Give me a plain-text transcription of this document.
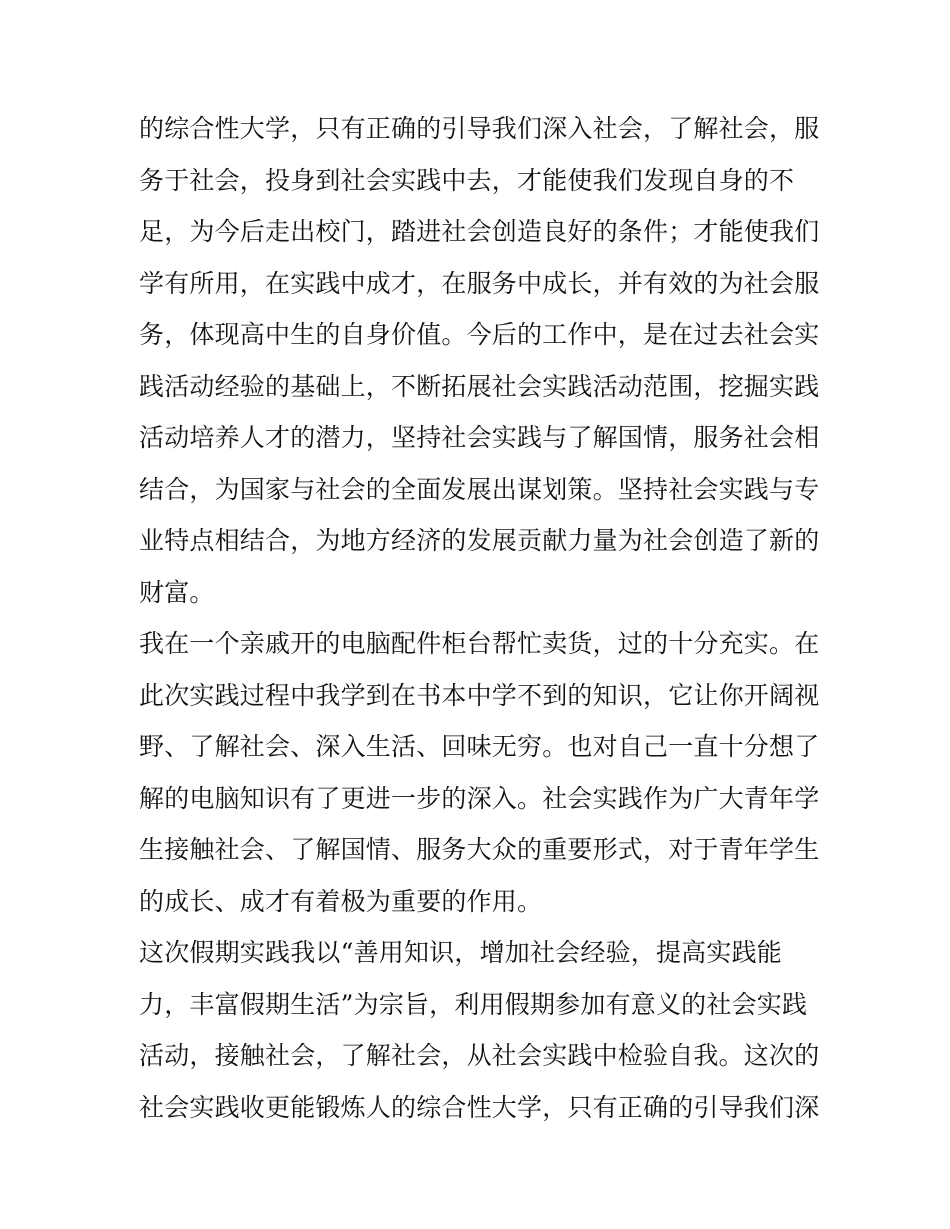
的综合性大学，只有正确的引导我们深入社会，了解社会，服
务于社会，投身到社会实践中去，才能使我们发现自身的不
足，为今后走出校门，踏进社会创造良好的条件；才能使我们
学有所用，在实践中成才，在服务中成长，并有效的为社会服
务，体现高中生的自身价值。今后的工作中，是在过去社会实
践活动经验的基础上，不断拓展社会实践活动范围，挖掘实践
活动培养人才的潜力，坚持社会实践与了解国情，服务社会相
结合，为国家与社会的全面发展出谋划策。坚持社会实践与专
业特点相结合，为地方经济的发展贡献力量为社会创造了新的
财富。
我在一个亲戚开的电脑配件柜台帮忙卖货，过的十分充实。在
此次实践过程中我学到在书本中学不到的知识，它让你开阔视
野、了解社会、深入生活、回味无穷。也对自己一直十分想了
解的电脑知识有了更进一步的深入。社会实践作为广大青年学
生接触社会、了解国情、服务大众的重要形式，对于青年学生
的成长、成才有着极为重要的作用。
这次假期实践我以“善用知识，增加社会经验，提高实践能
力，丰富假期生活”为宗旨，利用假期参加有意义的社会实践
活动，接触社会，了解社会，从社会实践中检验自我。这次的
社会实践收更能锻炼人的综合性大学，只有正确的引导我们深
